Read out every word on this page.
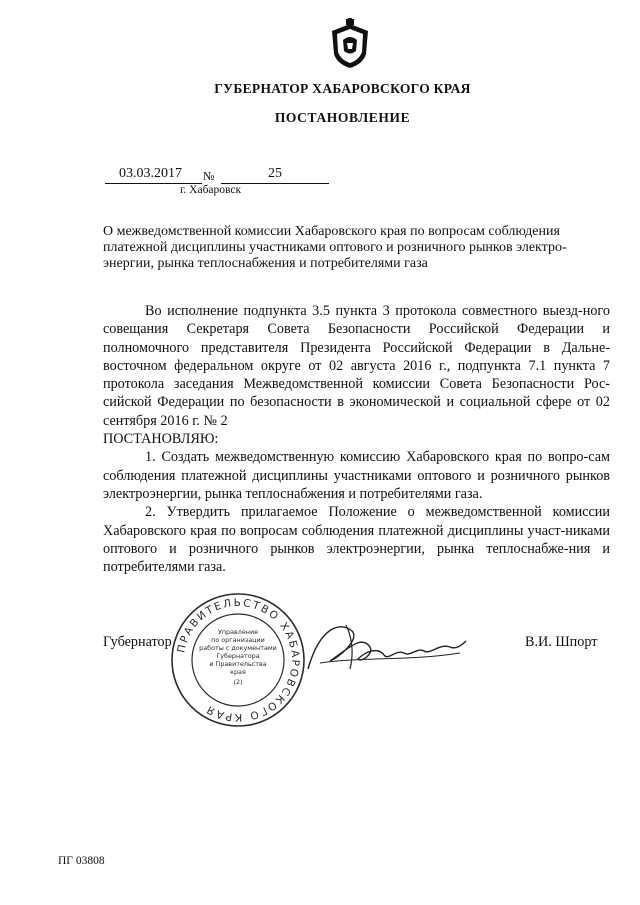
ГУБЕРНАТОР ХАБАРОВСКОГО КРАЯ
ПОСТАНОВЛЕНИЕ
03.03.2017 №	25
г. Хабаровск
О межведомственной комиссии Хабаровского края по вопросам соблюдения платежной дисциплины участниками оптового и розничного рынков электро-энергии, рынка теплоснабжения и потребителями газа

Во исполнение подпункта 3.5 пункта 3 протокола совместного выезд-ного совещания Секретаря Совета Безопасности Российской Федерации и полномочного представителя Президента Российской Федерации в Дальне-восточном федеральном округе от 02 августа 2016 г., подпункта 7.1 пункта 7 протокола заседания Межведомственной комиссии Совета Безопасности Рос-сийской Федерации по безопасности в экономической и социальной сфере от 02 сентября 2016 г. № 2

ПОСТАНОВЛЯЮ:

1. Создать межведомственную комиссию Хабаровского края по вопро-сам соблюдения платежной дисциплины участниками оптового и розничного рынков электроэнергии, рынка теплоснабжения и потребителями газа.

2. Утвердить прилагаемое Положение о межведомственной комиссии Хабаровского края по вопросам соблюдения платежной дисциплины участ-никами оптового и розничного рынков электроэнергии, рынка теплоснабже-ния и потребителями газа.

Губернатор	В.И. Шпорт
ПРАВИТЕЛЬСТВО ХАБАРОВСКОГО КРАЯ
Управление
по организации
работы с документами
Губернатора
и Правительства
края
(2)
ПГ 03808
